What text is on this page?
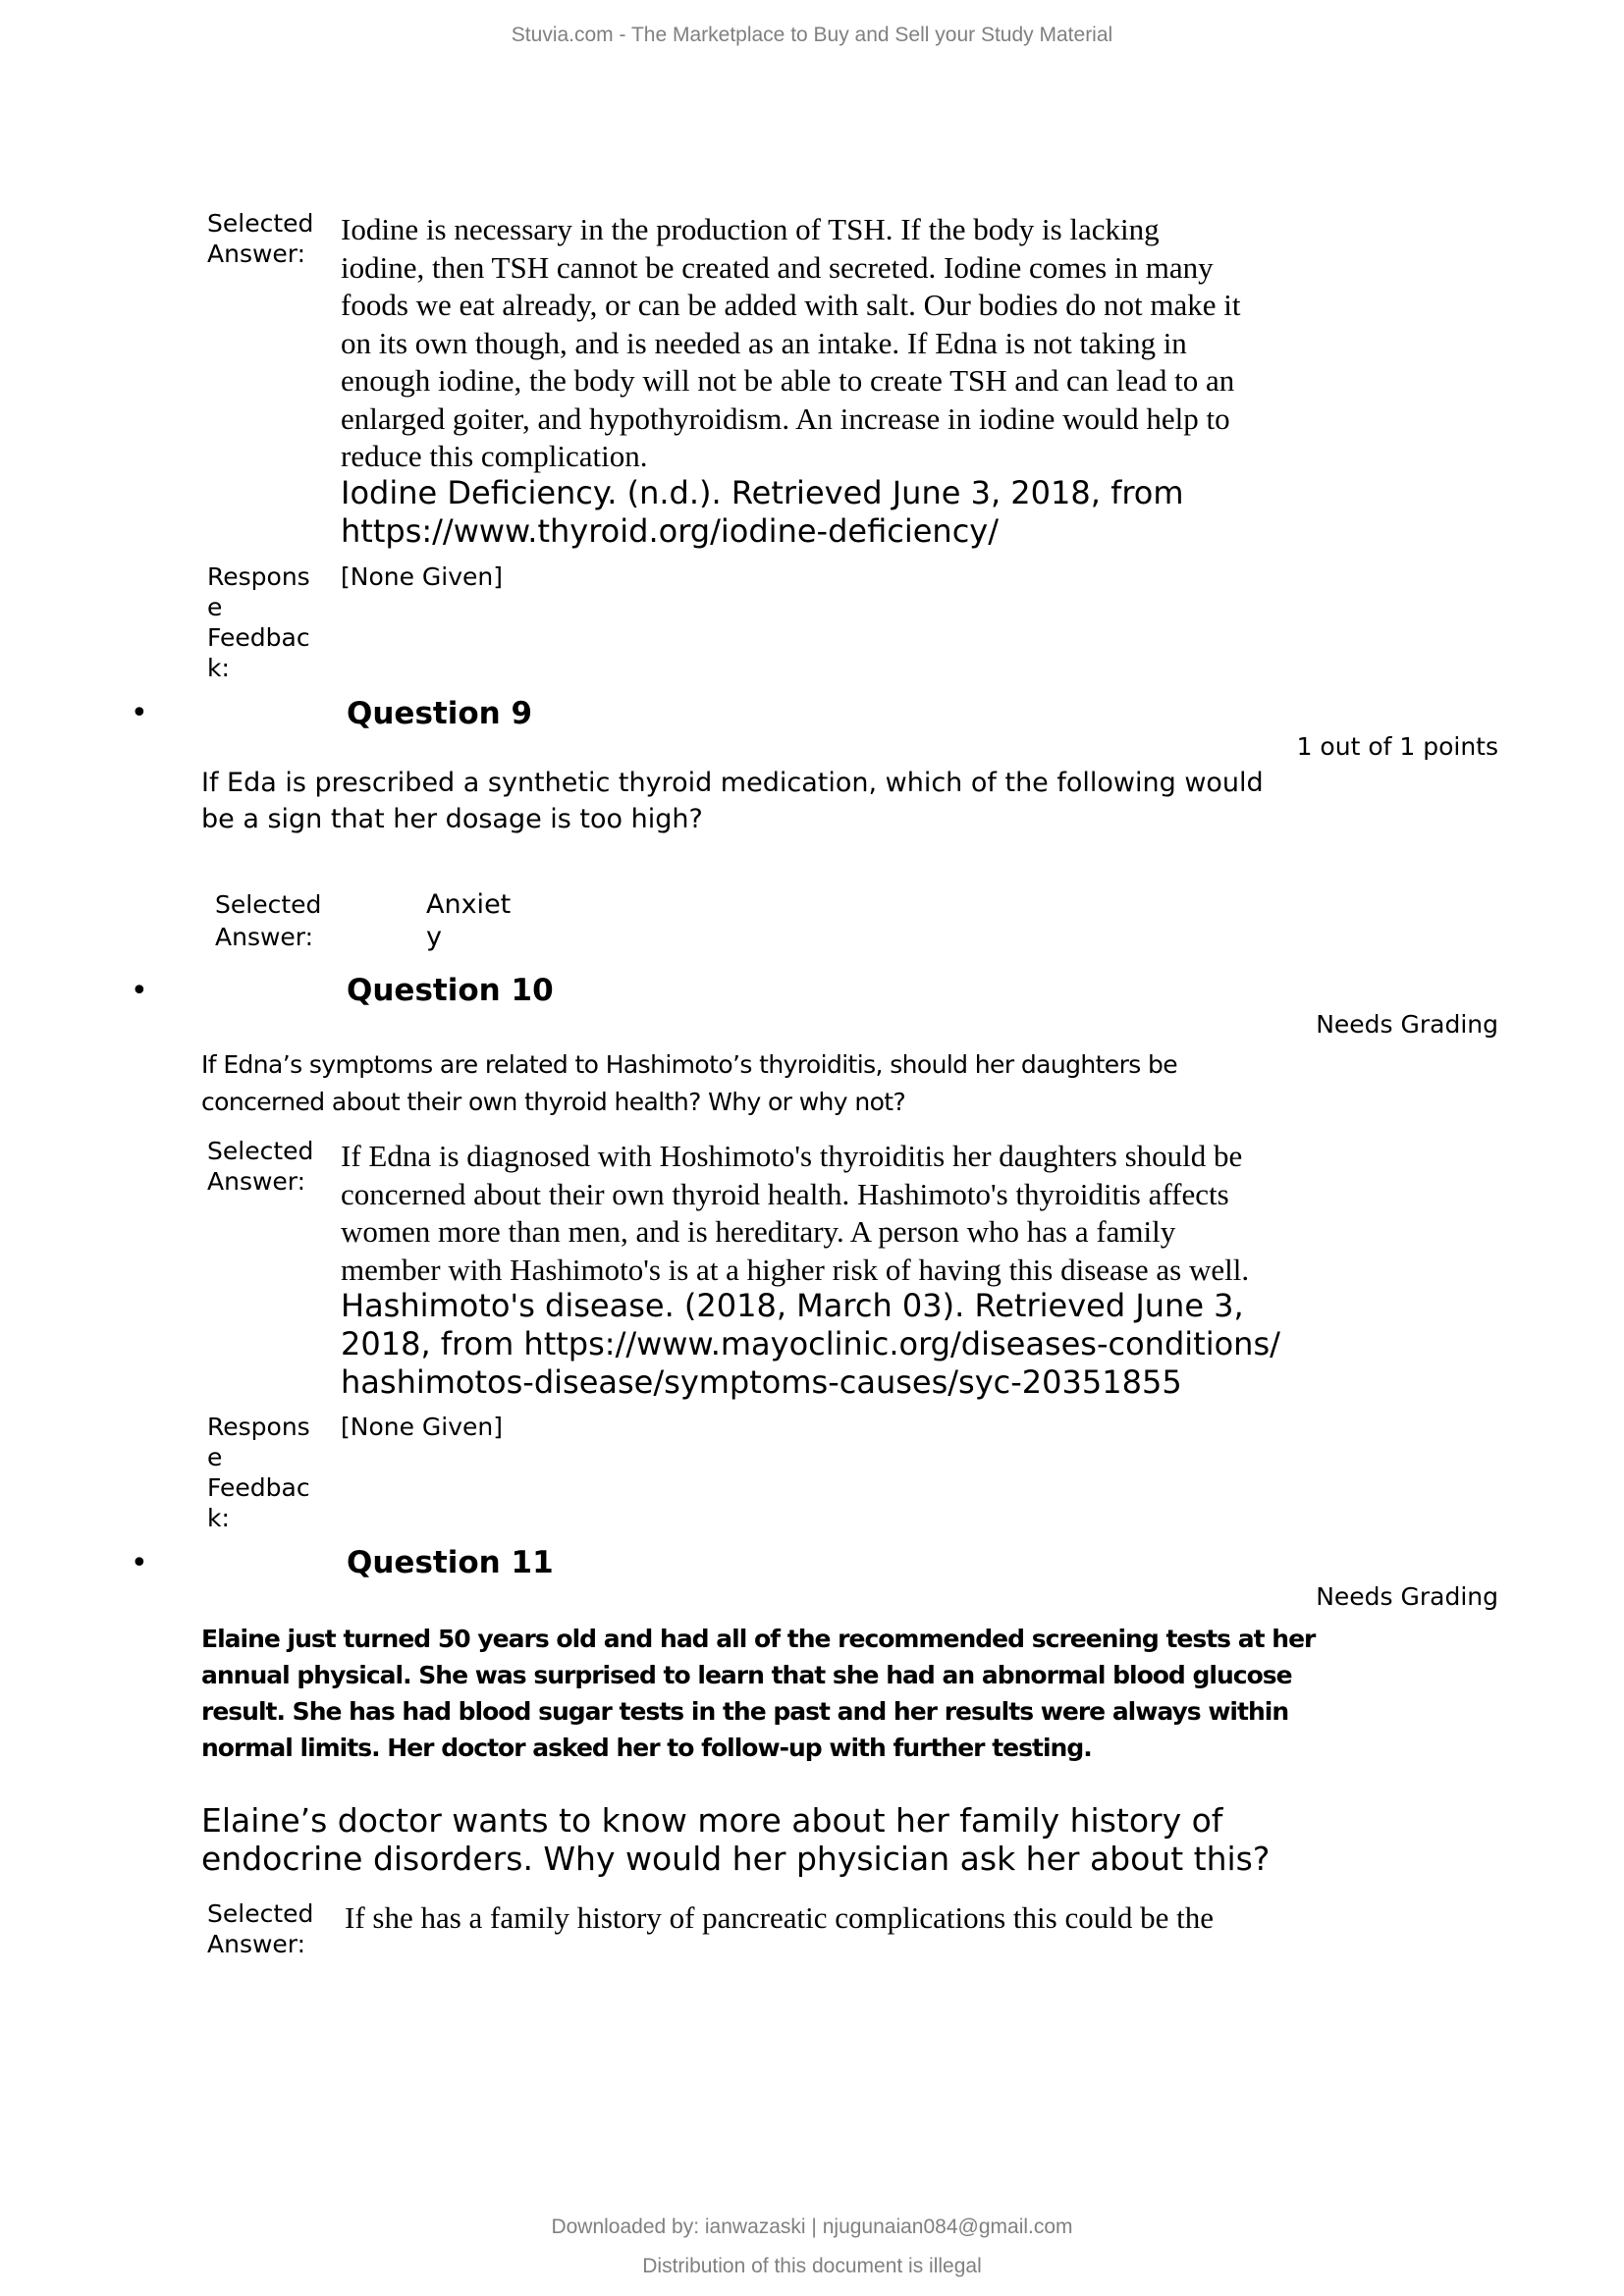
Stuvia.com - The Marketplace to Buy and Sell your Study Material
Selected
Answer:
Iodine is necessary in the production of TSH. If the body is lacking
iodine, then TSH cannot be created and secreted. Iodine comes in many
foods we eat already, or can be added with salt. Our bodies do not make it
on its own though, and is needed as an intake. If Edna is not taking in
enough iodine, the body will not be able to create TSH and can lead to an
enlarged goiter, and hypothyroidism. An increase in iodine would help to
reduce this complication.
Iodine Deficiency. (n.d.). Retrieved June 3, 2018, from
https://www.thyroid.org/iodine-deficiency/
Respons
e
Feedbac
k:
[None Given]
•	Question 9
1 out of 1 points
If Eda is prescribed a synthetic thyroid medication, which of the following would
be a sign that her dosage is too high?
Selected
Answer:
Anxiet
y
•	Question 10
Needs Grading
If Edna’s symptoms are related to Hashimoto’s thyroiditis, should her daughters be
concerned about their own thyroid health? Why or why not?
Selected
Answer:
If Edna is diagnosed with Hoshimoto's thyroiditis her daughters should be
concerned about their own thyroid health. Hashimoto's thyroiditis affects
women more than men, and is hereditary. A person who has a family
member with Hashimoto's is at a higher risk of having this disease as well.
Hashimoto's disease. (2018, March 03). Retrieved June 3,
2018, from https://www.mayoclinic.org/diseases-conditions/
hashimotos-disease/symptoms-causes/syc-20351855
Respons
e
Feedbac
k:
[None Given]
•	Question 11
Needs Grading
Elaine just turned 50 years old and had all of the recommended screening tests at her
annual physical. She was surprised to learn that she had an abnormal blood glucose
result. She has had blood sugar tests in the past and her results were always within
normal limits. Her doctor asked her to follow-up with further testing.
Elaine’s doctor wants to know more about her family history of
endocrine disorders. Why would her physician ask her about this?
Selected
Answer:
If she has a family history of pancreatic complications this could be the
Downloaded by: ianwazaski | njugunaian084@gmail.com
Distribution of this document is illegal
